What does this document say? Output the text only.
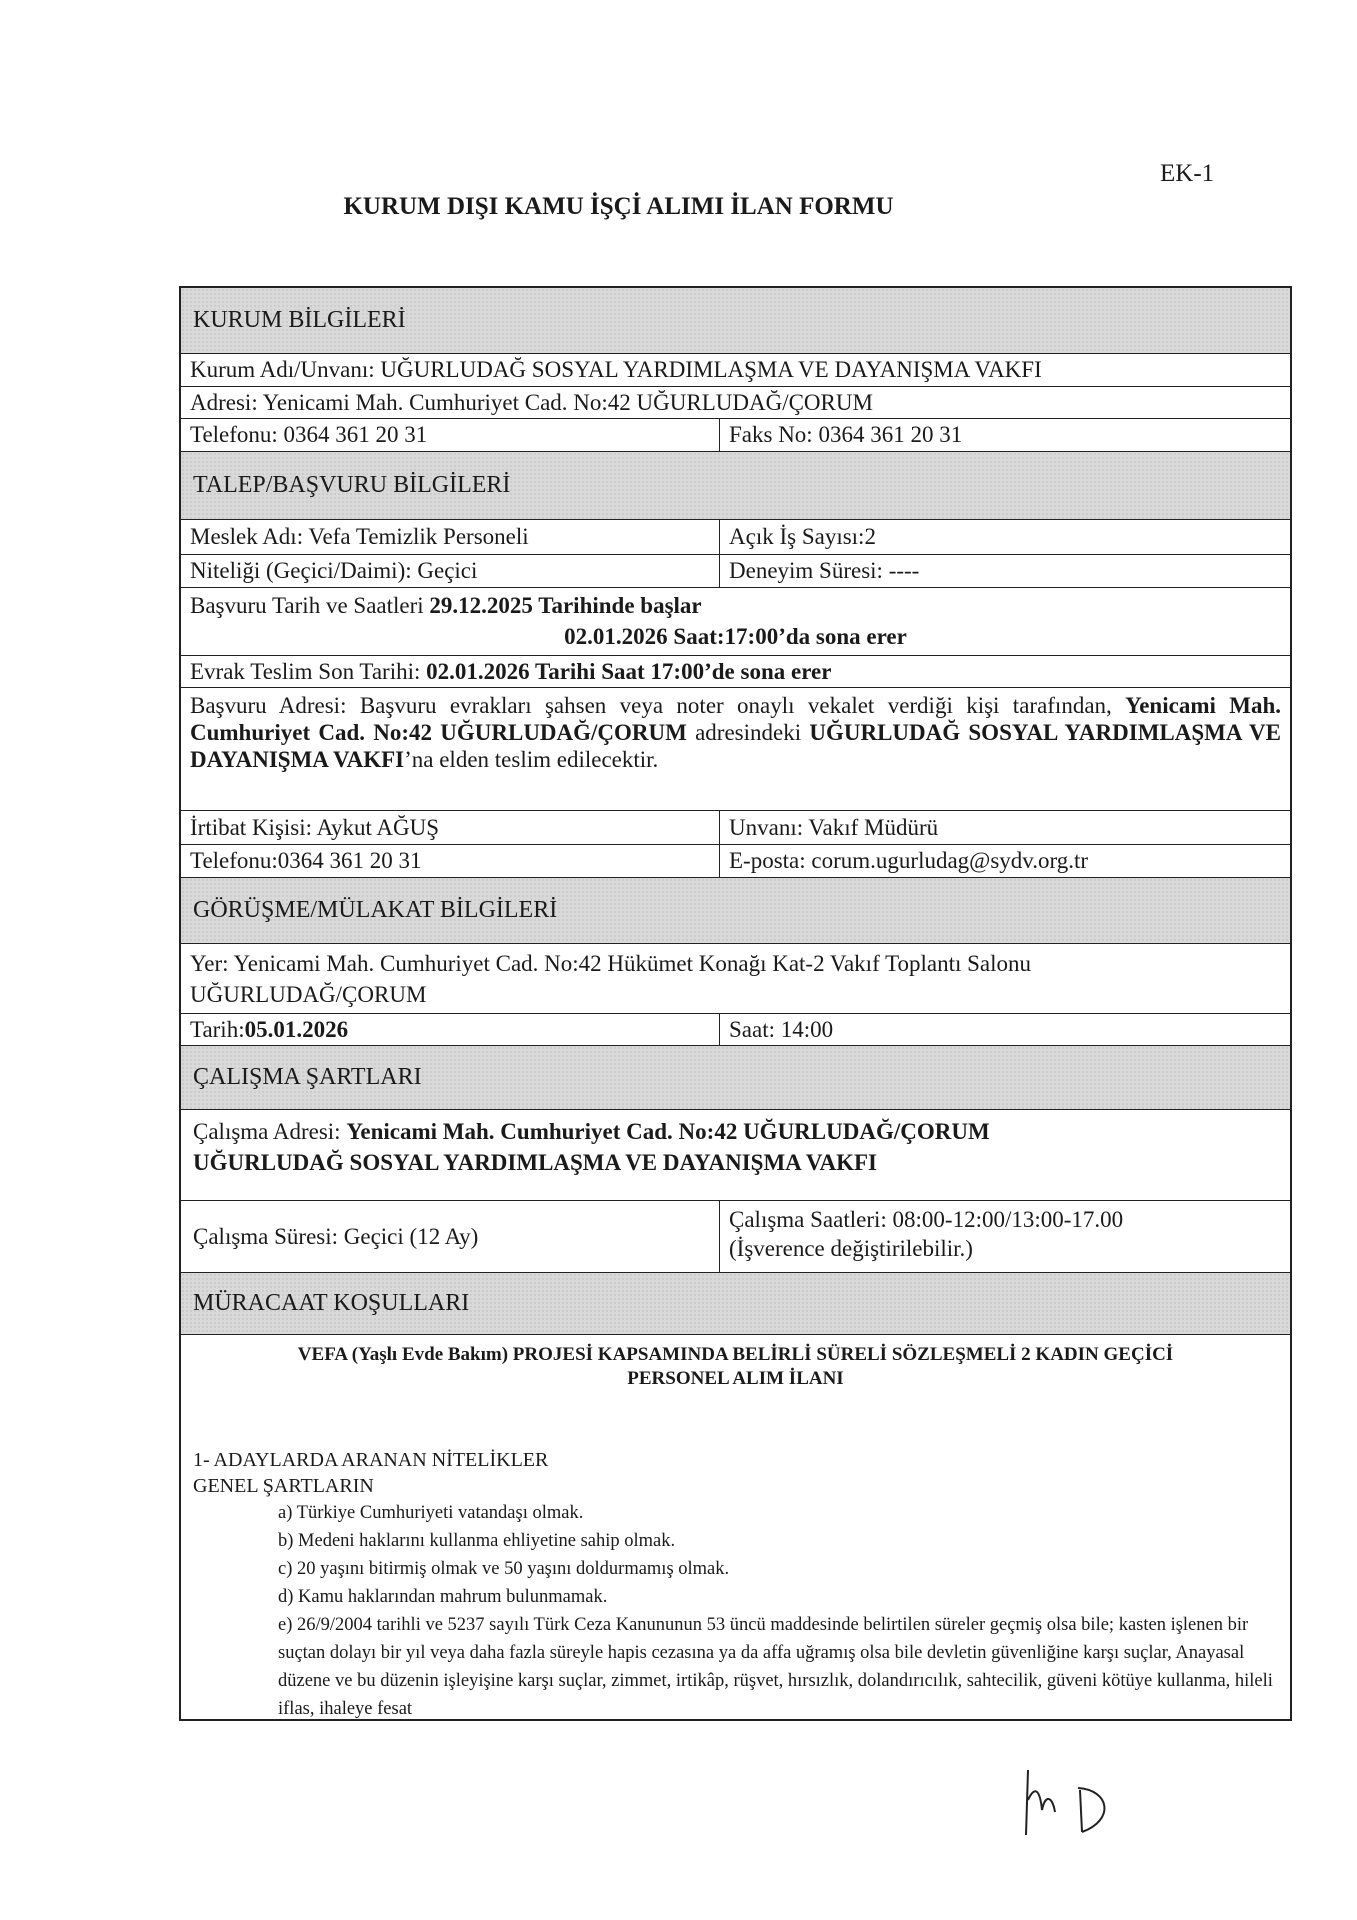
EK-1
KURUM DIŞI KAMU İŞÇİ ALIMI İLAN FORMU
KURUM BİLGİLERİ
Kurum Adı/Unvanı: UĞURLUDAĞ SOSYAL YARDIMLAŞMA VE DAYANIŞMA VAKFI
Adresi: Yenicami Mah. Cumhuriyet Cad. No:42 UĞURLUDAĞ/ÇORUM
Telefonu: 0364 361 20 31	Faks No: 0364 361 20 31
TALEP/BAŞVURU BİLGİLERİ
Meslek Adı: Vefa Temizlik Personeli	Açık İş Sayısı:2
Niteliği (Geçici/Daimi): Geçici	Deneyim Süresi: ----
Başvuru Tarih ve Saatleri 29.12.2025 Tarihinde başlar

02.01.2026 Saat:17:00’da sona erer
Evrak Teslim Son Tarihi:
02.01.2026 Tarihi Saat 17:00’de sona erer
Başvuru Adresi: Başvuru evrakları şahsen veya noter onaylı vekalet verdiği kişi tarafından, Yenicami Mah. Cumhuriyet Cad. No:42 UĞURLUDAĞ/ÇORUM adresindeki UĞURLUDAĞ SOSYAL YARDIMLAŞMA VE DAYANIŞMA VAKFI’na elden teslim edilecektir.
İrtibat Kişisi: Aykut AĞUŞ	Unvanı: Vakıf Müdürü
Telefonu:0364 361 20 31	E-posta: corum.ugurludag@sydv.org.tr
GÖRÜŞME/MÜLAKAT BİLGİLERİ
Yer: Yenicami Mah. Cumhuriyet Cad. No:42 Hükümet Konağı Kat-2 Vakıf Toplantı Salonu
UĞURLUDAĞ/ÇORUM
Tarih: 05.01.2026	Saat: 14:00
ÇALIŞMA ŞARTLARI
Çalışma Adresi: Yenicami Mah. Cumhuriyet Cad. No:42 UĞURLUDAĞ/ÇORUM
UĞURLUDAĞ SOSYAL YARDIMLAŞMA VE DAYANIŞMA VAKFI
Çalışma Süresi: Geçici (12 Ay)
Çalışma Saatleri: 08:00-12:00/13:00-17.00
(İşverence değiştirilebilir.)
MÜRACAAT KOŞULLARI
VEFA (Yaşlı Evde Bakım) PROJESİ KAPSAMINDA BELİRLİ SÜRELİ SÖZLEŞMELİ 2 KADIN GEÇİCİ
PERSONEL ALIM İLANI
1- ADAYLARDA ARANAN NİTELİKLER
GENEL ŞARTLARIN
a) Türkiye Cumhuriyeti vatandaşı olmak.
b) Medeni haklarını kullanma ehliyetine sahip olmak.
c) 20 yaşını bitirmiş olmak ve 50 yaşını doldurmamış olmak.
d) Kamu haklarından mahrum bulunmamak.
e) 26/9/2004 tarihli ve 5237 sayılı Türk Ceza Kanununun 53 üncü maddesinde belirtilen süreler geçmiş olsa bile; kasten işlenen bir suçtan dolayı bir yıl veya daha fazla süreyle hapis cezasına ya da affa uğramış olsa bile devletin güvenliğine karşı suçlar, Anayasal düzene ve bu düzenin işleyişine karşı suçlar, zimmet, irtikâp, rüşvet, hırsızlık, dolandırıcılık, sahtecilik, güveni kötüye kullanma, hileli iflas, ihaleye fesat
